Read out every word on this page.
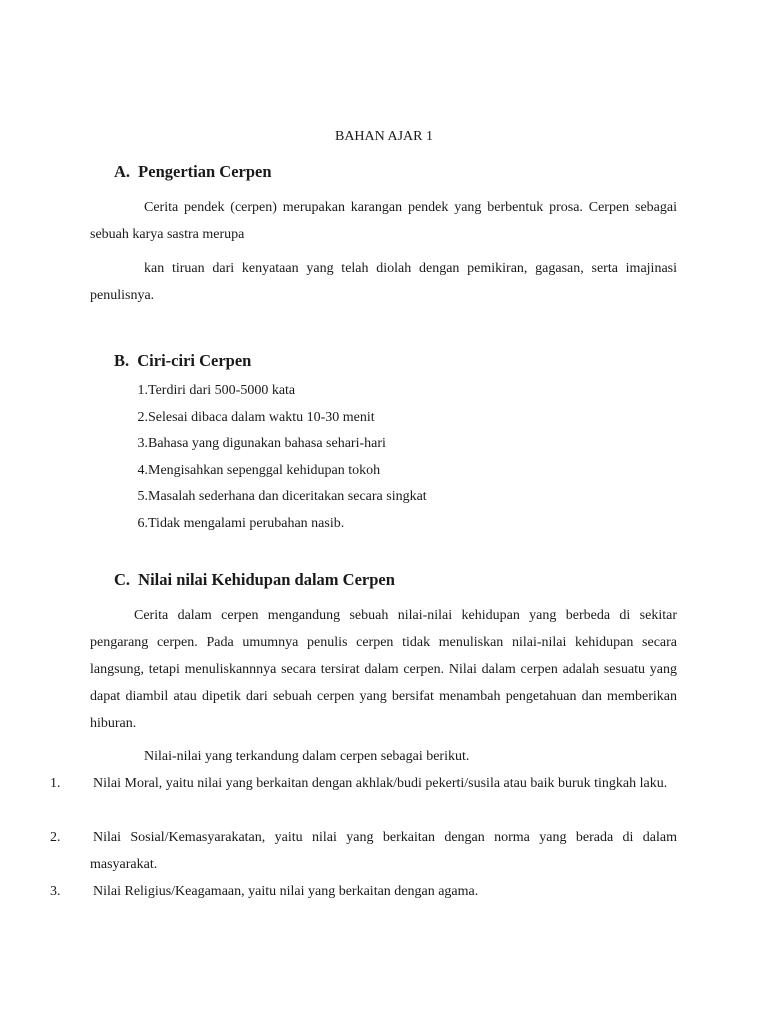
BAHAN AJAR 1
A. Pengertian Cerpen

Cerita pendek (cerpen) merupakan karangan pendek yang berbentuk prosa. Cerpen sebagai sebuah karya sastra merupa

kan tiruan dari kenyataan yang telah diolah dengan pemikiran, gagasan, serta imajinasi penulisnya.

B. Ciri-ciri Cerpen
1. Terdiri dari 500-5000 kata
2. Selesai dibaca dalam waktu 10-30 menit
3. Bahasa yang digunakan bahasa sehari-hari
4. Mengisahkan sepenggal kehidupan tokoh
5. Masalah sederhana dan diceritakan secara singkat
6. Tidak mengalami perubahan nasib.
C. Nilai nilai Kehidupan dalam Cerpen

Cerita dalam cerpen mengandung sebuah nilai-nilai kehidupan yang berbeda di sekitar pengarang cerpen. Pada umumnya penulis cerpen tidak menuliskan nilai-nilai kehidupan secara langsung, tetapi menuliskannnya secara tersirat dalam cerpen. Nilai dalam cerpen adalah sesuatu yang dapat diambil atau dipetik dari sebuah cerpen yang bersifat menambah pengetahuan dan memberikan hiburan.

Nilai-nilai yang terkandung dalam cerpen sebagai berikut.

1. Nilai Moral, yaitu nilai yang berkaitan dengan akhlak/budi pekerti/susila atau baik buruk tingkah laku.
2. Nilai Sosial/Kemasyarakatan, yaitu nilai yang berkaitan dengan norma yang berada di dalam masyarakat.
3. Nilai Religius/Keagamaan, yaitu nilai yang berkaitan dengan agama.
